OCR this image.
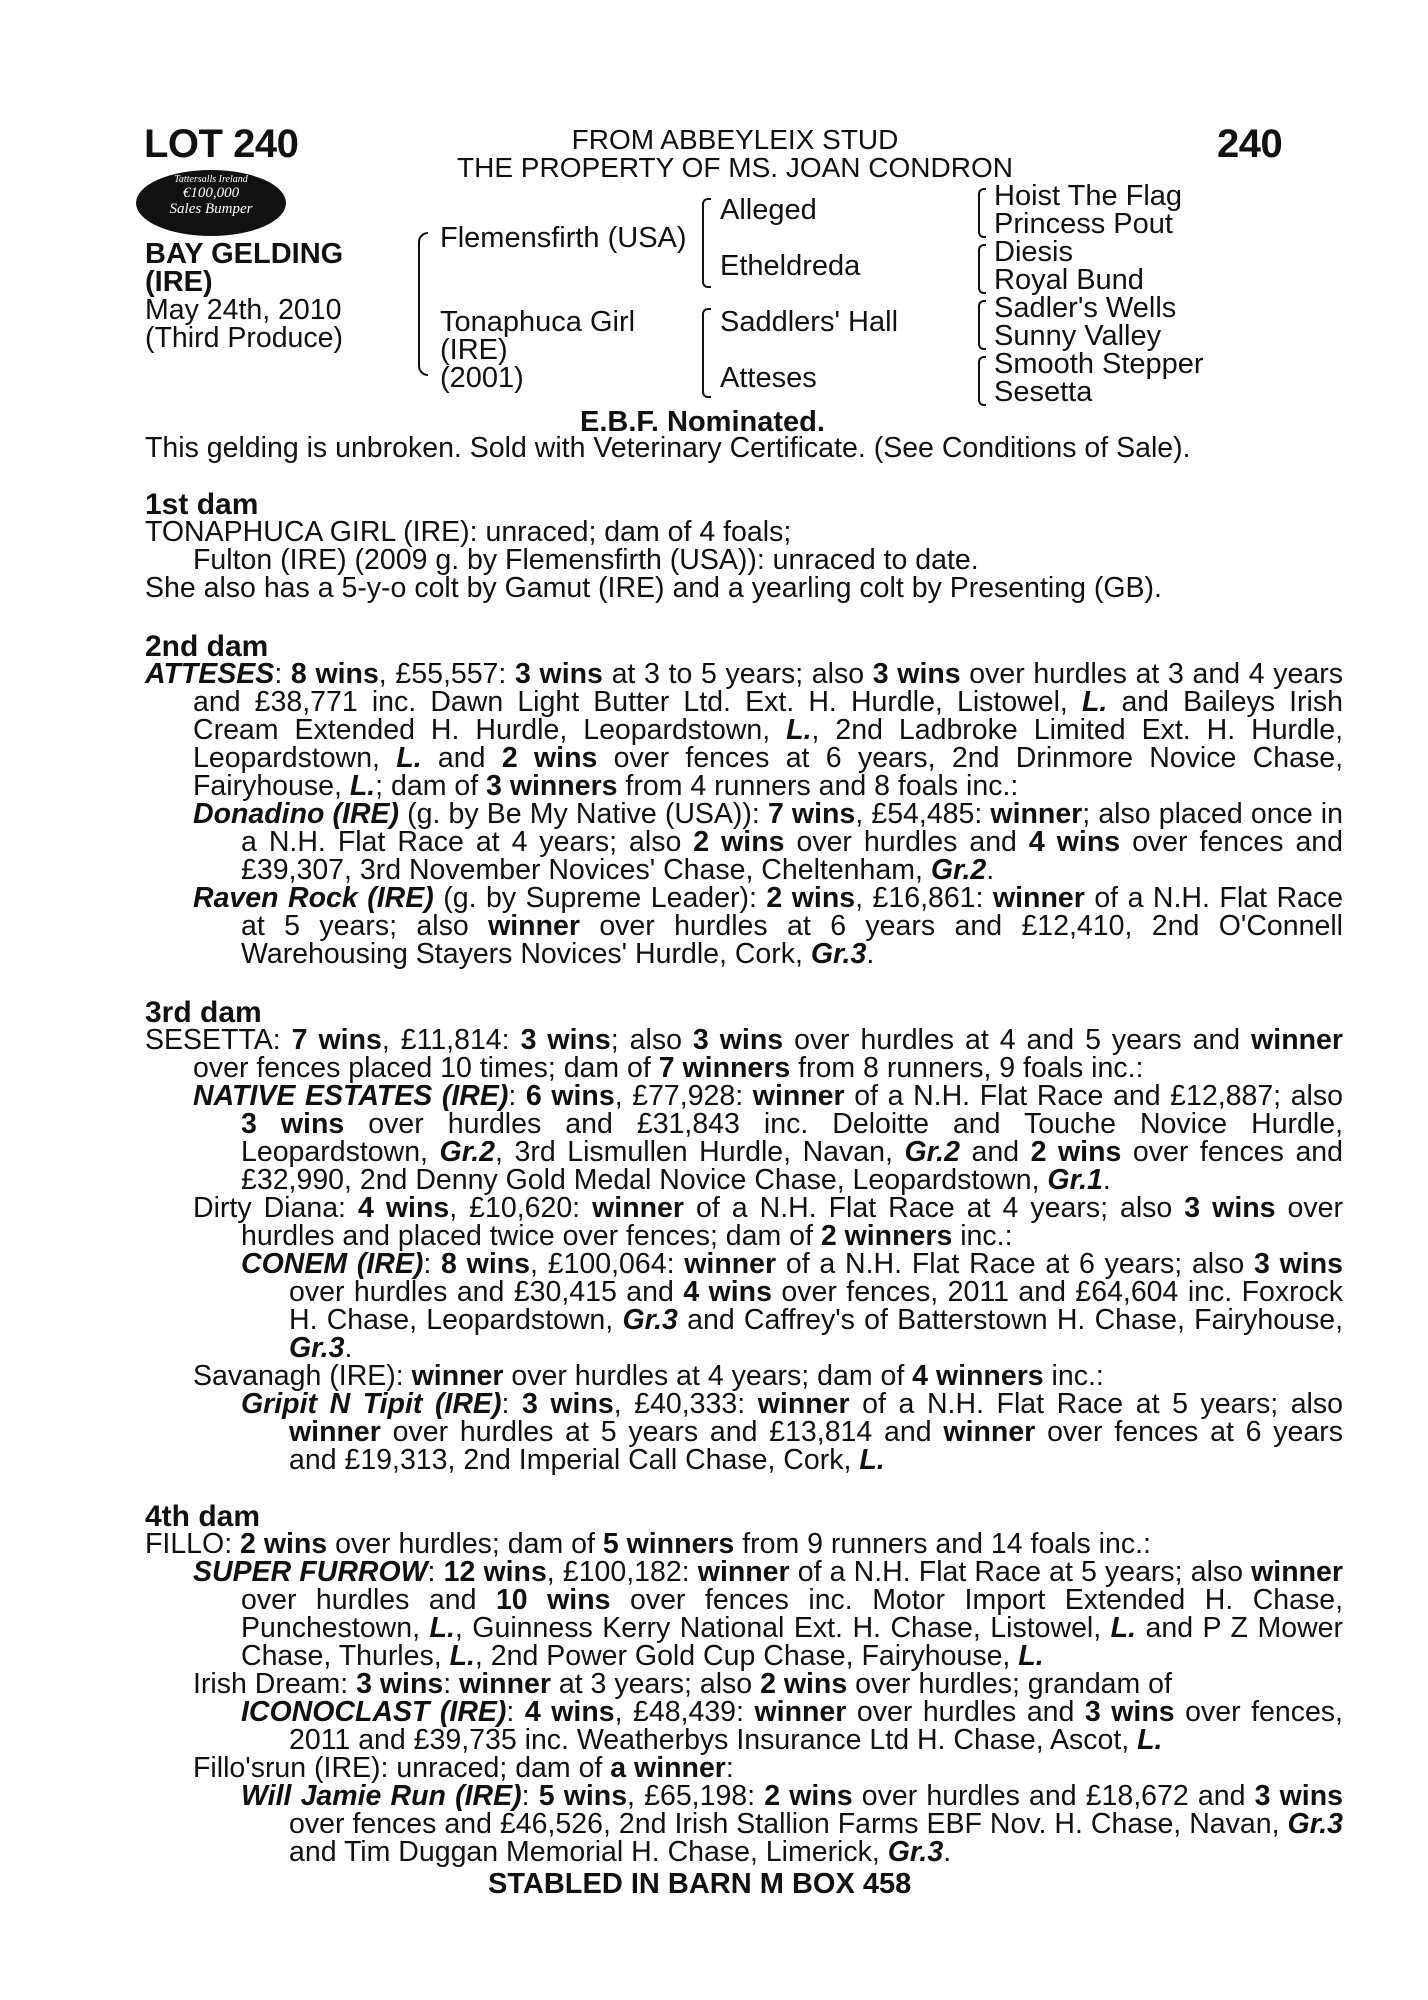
LOT 240	240
FROM ABBEYLEIX STUD
THE PROPERTY OF MS. JOAN CONDRON
Tattersalls Ireland
€100,000
Sales Bumper
BAY GELDING
(IRE)
May 24th, 2010
(Third Produce)
Flemensfirth (USA)
Tonaphuca Girl
(IRE)
(2001)
Alleged
Etheldreda
Saddlers' Hall
Atteses
Hoist The Flag
Princess Pout
Diesis
Royal Bund
Sadler's Wells
Sunny Valley
Smooth Stepper
Sesetta
E.B.F. Nominated.
This gelding is unbroken. Sold with Veterinary Certificate. (See Conditions of Sale).
1st dam
TONAPHUCA GIRL (IRE): unraced; dam of 4 foals;
Fulton (IRE) (2009 g. by Flemensfirth (USA)): unraced to date.
She also has a 5-y-o colt by Gamut (IRE) and a yearling colt by Presenting (GB).
2nd dam
ATTESES: 8 wins, £55,557: 3 wins at 3 to 5 years; also 3 wins over hurdles at 3 and 4 years and £38,771 inc. Dawn Light Butter Ltd. Ext. H. Hurdle, Listowel, L. and Baileys Irish Cream Extended H. Hurdle, Leopardstown, L., 2nd Ladbroke Limited Ext. H. Hurdle, Leopardstown, L. and 2 wins over fences at 6 years, 2nd Drinmore Novice Chase, Fairyhouse, L.; dam of 3 winners from 4 runners and 8 foals inc.:
Donadino (IRE) (g. by Be My Native (USA)): 7 wins, £54,485: winner; also placed once in a N.H. Flat Race at 4 years; also 2 wins over hurdles and 4 wins over fences and £39,307, 3rd November Novices' Chase, Cheltenham, Gr.2.
Raven Rock (IRE) (g. by Supreme Leader): 2 wins, £16,861: winner of a N.H. Flat Race at 5 years; also winner over hurdles at 6 years and £12,410, 2nd O'Connell Warehousing Stayers Novices' Hurdle, Cork, Gr.3.
3rd dam
SESETTA: 7 wins, £11,814: 3 wins; also 3 wins over hurdles at 4 and 5 years and winner over fences placed 10 times; dam of 7 winners from 8 runners, 9 foals inc.:
NATIVE ESTATES (IRE): 6 wins, £77,928: winner of a N.H. Flat Race and £12,887; also 3 wins over hurdles and £31,843 inc. Deloitte and Touche Novice Hurdle, Leopardstown, Gr.2, 3rd Lismullen Hurdle, Navan, Gr.2 and 2 wins over fences and £32,990, 2nd Denny Gold Medal Novice Chase, Leopardstown, Gr.1.
Dirty Diana: 4 wins, £10,620: winner of a N.H. Flat Race at 4 years; also 3 wins over hurdles and placed twice over fences; dam of 2 winners inc.:
CONEM (IRE): 8 wins, £100,064: winner of a N.H. Flat Race at 6 years; also 3 wins over hurdles and £30,415 and 4 wins over fences, 2011 and £64,604 inc. Foxrock H. Chase, Leopardstown, Gr.3 and Caffrey's of Batterstown H. Chase, Fairyhouse, Gr.3.
Savanagh (IRE): winner over hurdles at 4 years; dam of 4 winners inc.:
Gripit N Tipit (IRE): 3 wins, £40,333: winner of a N.H. Flat Race at 5 years; also winner over hurdles at 5 years and £13,814 and winner over fences at 6 years and £19,313, 2nd Imperial Call Chase, Cork, L.
4th dam
FILLO: 2 wins over hurdles; dam of 5 winners from 9 runners and 14 foals inc.:
SUPER FURROW: 12 wins, £100,182: winner of a N.H. Flat Race at 5 years; also winner over hurdles and 10 wins over fences inc. Motor Import Extended H. Chase, Punchestown, L., Guinness Kerry National Ext. H. Chase, Listowel, L. and P Z Mower Chase, Thurles, L., 2nd Power Gold Cup Chase, Fairyhouse, L.
Irish Dream: 3 wins: winner at 3 years; also 2 wins over hurdles; grandam of
ICONOCLAST (IRE): 4 wins, £48,439: winner over hurdles and 3 wins over fences, 2011 and £39,735 inc. Weatherbys Insurance Ltd H. Chase, Ascot, L.
Fillo'srun (IRE): unraced; dam of a winner:
Will Jamie Run (IRE): 5 wins, £65,198: 2 wins over hurdles and £18,672 and 3 wins over fences and £46,526, 2nd Irish Stallion Farms EBF Nov. H. Chase, Navan, Gr.3 and Tim Duggan Memorial H. Chase, Limerick, Gr.3.
STABLED IN BARN M BOX 458
